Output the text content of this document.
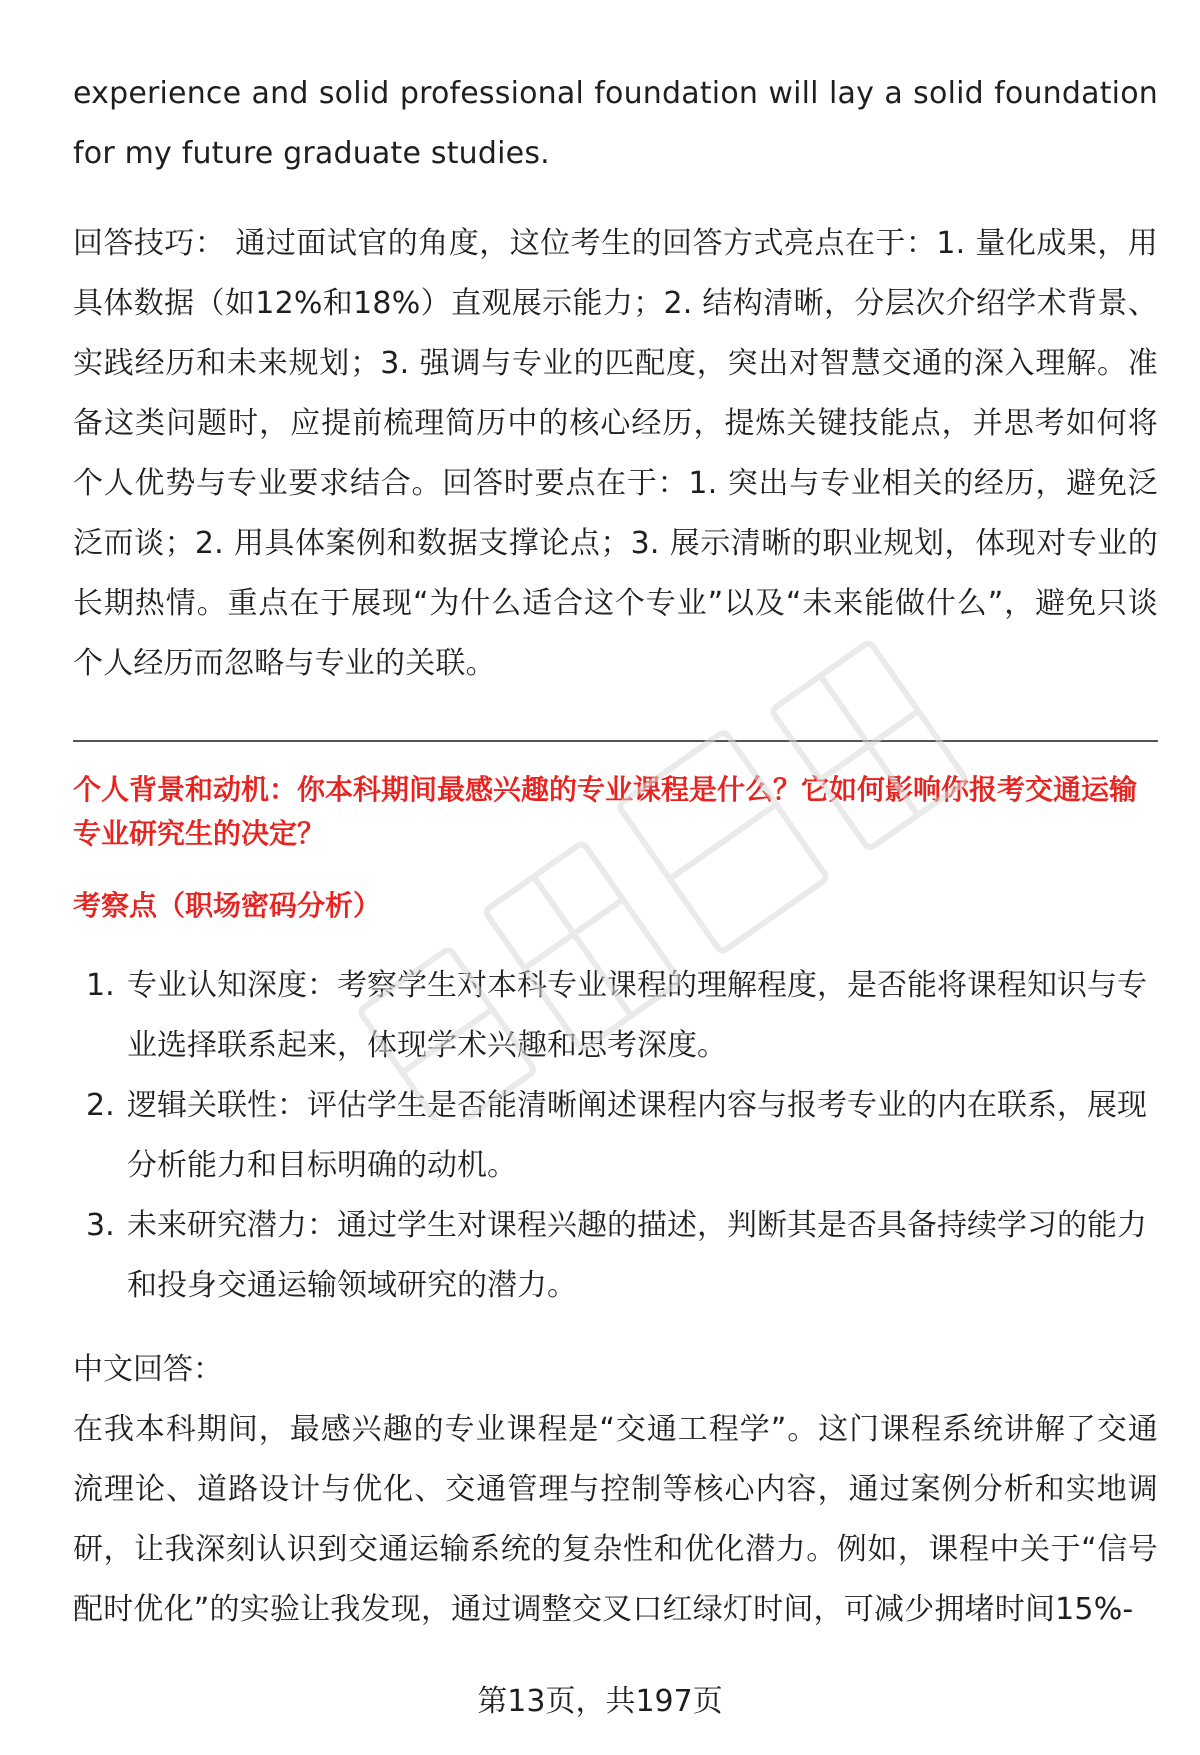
experience and solid professional foundation will lay a solid foundation for my future graduate studies.

回答技巧： 通过面试官的角度，这位考生的回答方式亮点在于：1. 量化成果，用具体数据（如12%和18%）直观展示能力；2. 结构清晰，分层次介绍学术背景、实践经历和未来规划；3. 强调与专业的匹配度，突出对智慧交通的深入理解。准备这类问题时，应提前梳理简历中的核心经历，提炼关键技能点，并思考如何将个人优势与专业要求结合。回答时要点在于：1. 突出与专业相关的经历，避免泛泛而谈；2. 用具体案例和数据支撑论点；3. 展示清晰的职业规划，体现对专业的长期热情。重点在于展现“为什么适合这个专业”以及“未来能做什么”，避免只谈个人经历而忽略与专业的关联。

个人背景和动机：你本科期间最感兴趣的专业课程是什么？它如何影响你报考交通运输专业研究生的决定？
考察点（职场密码分析）
1. 专业认知深度：考察学生对本科专业课程的理解程度，是否能将课程知识与专业选择联系起来，体现学术兴趣和思考深度。
2. 逻辑关联性：评估学生是否能清晰阐述课程内容与报考专业的内在联系，展现分析能力和目标明确的动机。
3. 未来研究潜力：通过学生对课程兴趣的描述，判断其是否具备持续学习的能力和投身交通运输领域研究的潜力。

中文回答：

在我本科期间，最感兴趣的专业课程是“交通工程学”。这门课程系统讲解了交通流理论、道路设计与优化、交通管理与控制等核心内容，通过案例分析和实地调研，让我深刻认识到交通运输系统的复杂性和优化潜力。例如，课程中关于“信号配时优化”的实验让我发现，通过调整交叉口红绿灯时间，可减少拥堵时间15%-

第13页，共197页
